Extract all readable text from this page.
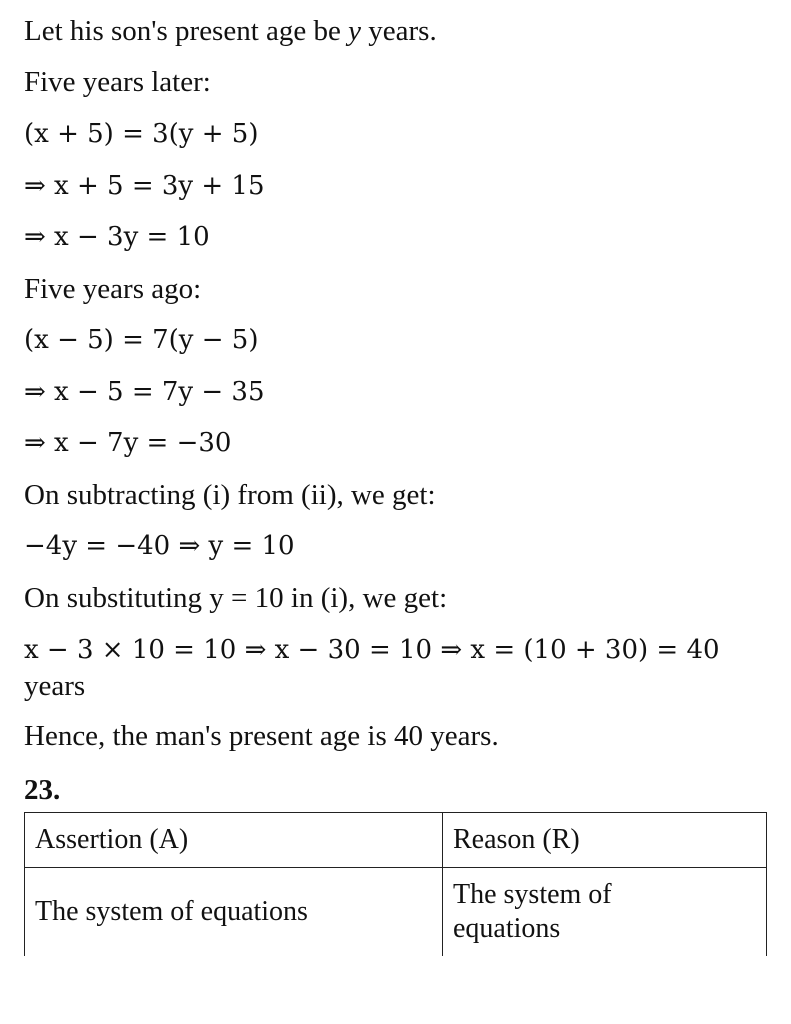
Let his son's present age be y years.
Five years later:
(x + 5) = 3(y + 5)
⇒ x + 5 = 3y + 15
⇒ x − 3y = 10
Five years ago:
(x − 5) = 7(y − 5)
⇒ x − 5 = 7y − 35
⇒ x − 7y = −30
On subtracting (i) from (ii), we get:
−4y = −40 ⇒ y = 10
On substituting y = 10 in (i), we get:
x − 3 × 10 = 10 ⇒ x − 30 = 10 ⇒ x = (10 + 30) = 40
years
Hence, the man's present age is 40 years.
23.
Assertion (A)	Reason (R)
The system of equations	The system of
equations
